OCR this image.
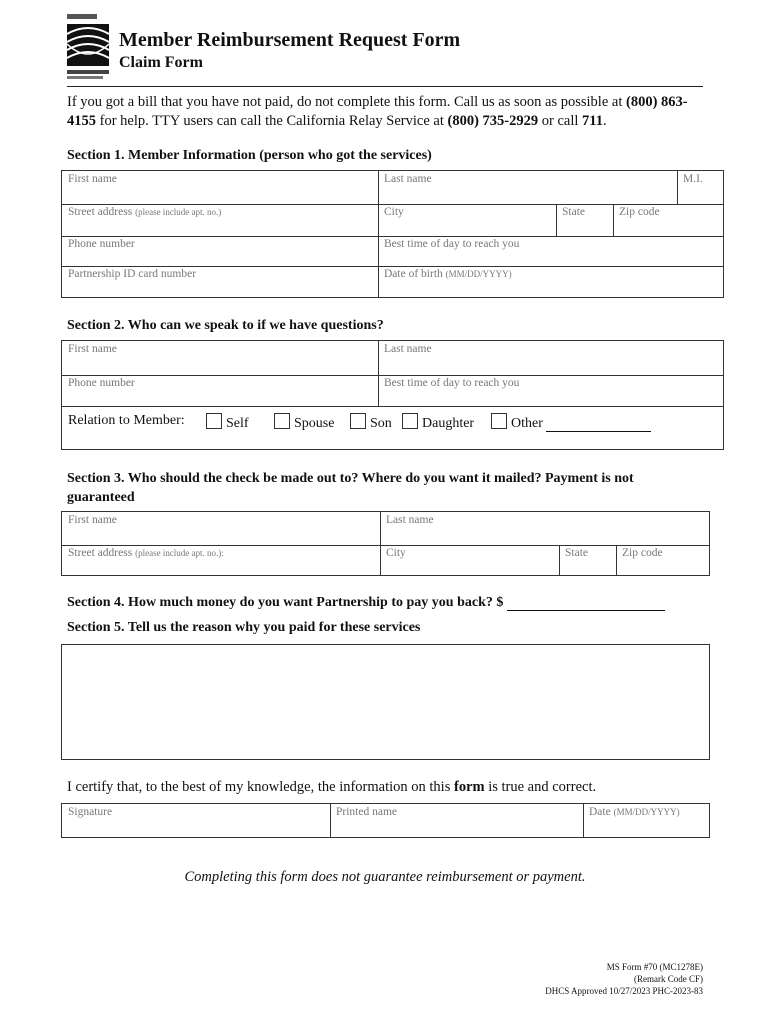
Member Reimbursement Request Form
Claim Form
If you got a bill that you have not paid, do not complete this form. Call us as soon as possible at (800) 863-4155 for help. TTY users can call the California Relay Service at (800) 735-2929 or call 711.
Section 1. Member Information (person who got the services)
First name	Last name	M.I.
Street address (please include apt. no.)	City	State	Zip code
Phone number	Best time of day to reach you
Partnership ID card number	Date of birth (MM/DD/YYYY)
Section 2. Who can we speak to if we have questions?
First name	Last name
Phone number	Best time of day to reach you
Relation to Member:	Self	Spouse	Son	Daughter	Other
Section 3. Who should the check be made out to? Where do you want it mailed? Payment is not
guaranteed
First name	Last name
Street address (please include apt. no.):	City	State	Zip code
Section 4. How much money do you want Partnership to pay you back? $
Section 5. Tell us the reason why you paid for these services
I certify that, to the best of my knowledge, the information on this form is true and correct.
Signature	Printed name	Date (MM/DD/YYYY)
Completing this form does not guarantee reimbursement or payment.
MS Form #70 (MC1278E)
(Remark Code CF)
DHCS Approved 10/27/2023 PHC-2023-83
